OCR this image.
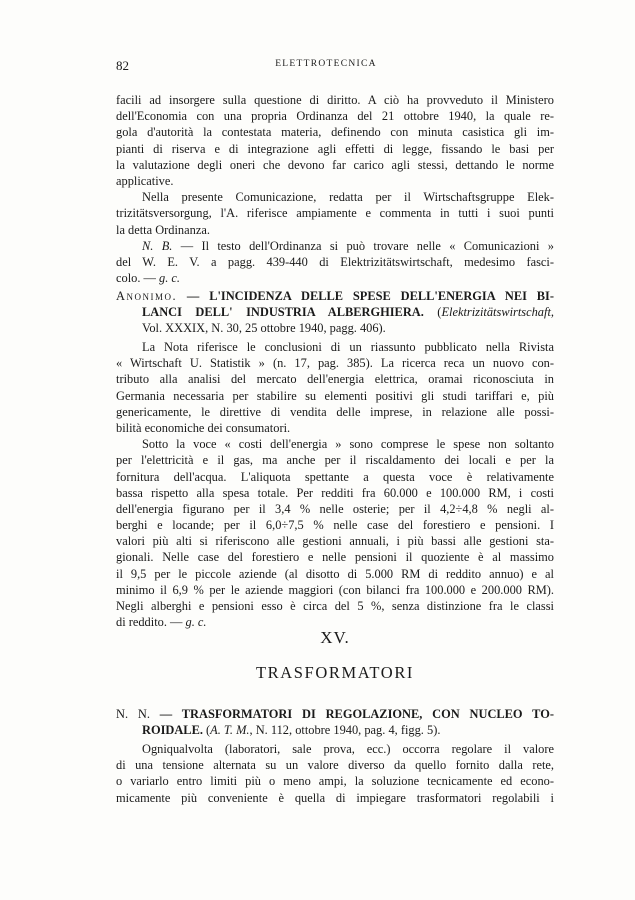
82	ELETTROTECNICA
facili ad insorgere sulla questione di diritto. A ciò ha provveduto il Ministero
dell'Economia con una propria Ordinanza del 21 ottobre 1940, la quale re-
gola d'autorità la contestata materia, definendo con minuta casistica gli im-
pianti di riserva e di integrazione agli effetti di legge, fissando le basi per
la valutazione degli oneri che devono far carico agli stessi, dettando le norme
applicative.
Nella presente Comunicazione, redatta per il Wirtschaftsgruppe Elek-
trizitätsversorgung, l'A. riferisce ampiamente e commenta in tutti i suoi punti
la detta Ordinanza.
N. B. — Il testo dell'Ordinanza si può trovare nelle « Comunicazioni »
del W. E. V. a pagg. 439-440 di Elektrizitätswirtschaft, medesimo fasci-
colo. — g. c.
Anonimo. — L'INCIDENZA DELLE SPESE DELL'ENERGIA NEI BI-
LANCI DELL' INDUSTRIA ALBERGHIERA. (Elektrizitätswirtschaft,
Vol. XXXIX, N. 30, 25 ottobre 1940, pagg. 406).
La Nota riferisce le conclusioni di un riassunto pubblicato nella Rivista
« Wirtschaft U. Statistik » (n. 17, pag. 385). La ricerca reca un nuovo con-
tributo alla analisi del mercato dell'energia elettrica, oramai riconosciuta in
Germania necessaria per stabilire su elementi positivi gli studi tariffari e, più
genericamente, le direttive di vendita delle imprese, in relazione alle possi-
bilità economiche dei consumatori.
Sotto la voce « costi dell'energia » sono comprese le spese non soltanto
per l'elettricità e il gas, ma anche per il riscaldamento dei locali e per la
fornitura dell'acqua. L'aliquota spettante a questa voce è relativamente
bassa rispetto alla spesa totale. Per redditi fra 60.000 e 100.000 RM, i costi
dell'energia figurano per il 3,4 % nelle osterie; per il 4,2÷4,8 % negli al-
berghi e locande; per il 6,0÷7,5 % nelle case del forestiero e pensioni. I
valori più alti si riferiscono alle gestioni annuali, i più bassi alle gestioni sta-
gionali. Nelle case del forestiero e nelle pensioni il quoziente è al massimo
il 9,5 per le piccole aziende (al disotto di 5.000 RM di reddito annuo) e al
minimo il 6,9 % per le aziende maggiori (con bilanci fra 100.000 e 200.000 RM).
Negli alberghi e pensioni esso è circa del 5 %, senza distinzione fra le classi
di reddito. — g. c.
XV.
TRASFORMATORI
N. N. — TRASFORMATORI DI REGOLAZIONE, CON NUCLEO TO-
ROIDALE. (A. T. M., N. 112, ottobre 1940, pag. 4, figg. 5).
Ogniqualvolta (laboratori, sale prova, ecc.) occorra regolare il valore
di una tensione alternata su un valore diverso da quello fornito dalla rete,
o variarlo entro limiti più o meno ampi, la soluzione tecnicamente ed econo-
micamente più conveniente è quella di impiegare trasformatori regolabili i
